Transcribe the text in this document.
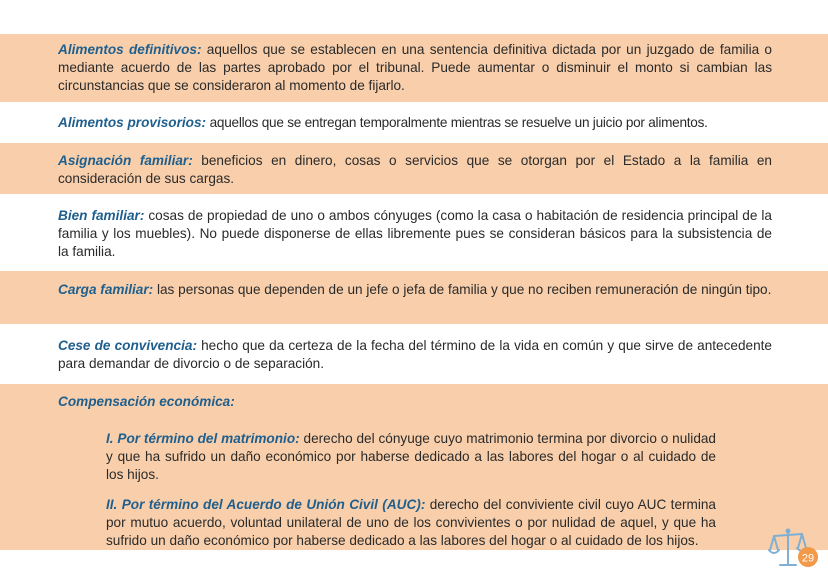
Alimentos definitivos: aquellos que se establecen en una sentencia definitiva dictada por un juzgado de familia o mediante acuerdo de las partes aprobado por el tribunal. Puede aumentar o disminuir el monto si cambian las circunstancias que se consideraron al momento de fijarlo.
Alimentos provisorios: aquellos que se entregan temporalmente mientras se resuelve un juicio por alimentos.
Asignación familiar: beneficios en dinero, cosas o servicios que se otorgan por el Estado a la familia en consideración de sus cargas.
Bien familiar: cosas de propiedad de uno o ambos cónyuges (como la casa o habitación de residencia principal de la familia y los muebles). No puede disponerse de ellas libremente pues se consideran básicos para la subsistencia de la familia.
Carga familiar: las personas que dependen de un jefe o jefa de familia y que no reciben remuneración de ningún tipo.
Cese de convivencia: hecho que da certeza de la fecha del término de la vida en común y que sirve de antecedente para demandar de divorcio o de separación.
Compensación económica:

I. Por término del matrimonio: derecho del cónyuge cuyo matrimonio termina por divorcio o nulidad y que ha sufrido un daño económico por haberse dedicado a las labores del hogar o al cuidado de los hijos.

II. Por término del Acuerdo de Unión Civil (AUC): derecho del conviviente civil cuyo AUC termina por mutuo acuerdo, voluntad unilateral de uno de los convivientes o por nulidad de aquel, y que ha sufrido un daño económico por haberse dedicado a las labores del hogar o al cuidado de los hijos.

29
